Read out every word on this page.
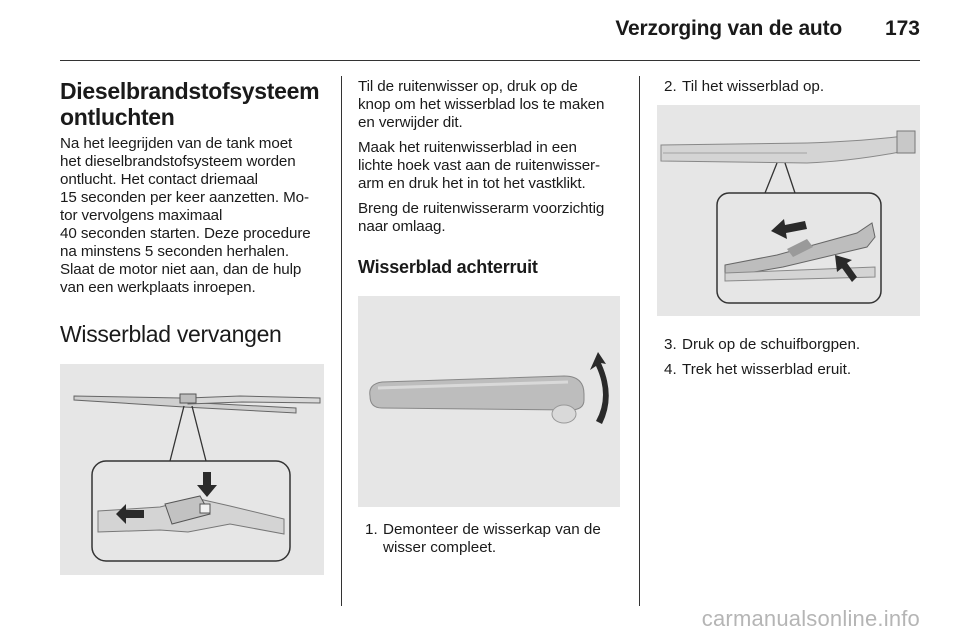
Verzorging van de auto 173
Dieselbrandstofsysteem ontluchten

Na het leegrijden van de tank moet
het dieselbrandstofsysteem worden
ontlucht. Het contact driemaal
15 seconden per keer aanzetten. Mo-
tor vervolgens maximaal
40 seconden starten. Deze procedure
na minstens 5 seconden herhalen.
Slaat de motor niet aan, dan de hulp
van een werkplaats inroepen.

Wisserblad vervangen

Til de ruitenwisser op, druk op de
knop om het wisserblad los te maken
en verwijder dit.

Maak het ruitenwisserblad in een
lichte hoek vast aan de ruitenwisser-
arm en druk het in tot het vastklikt.

Breng de ruitenwisserarm voorzichtig
naar omlaag.

Wisserblad achterruit
1. Demonteer de wisserkap van de
wisser compleet.
2. Til het wisserblad op.
3. Druk op de schuifborgpen.
4. Trek het wisserblad eruit.
carmanualsonline.info
